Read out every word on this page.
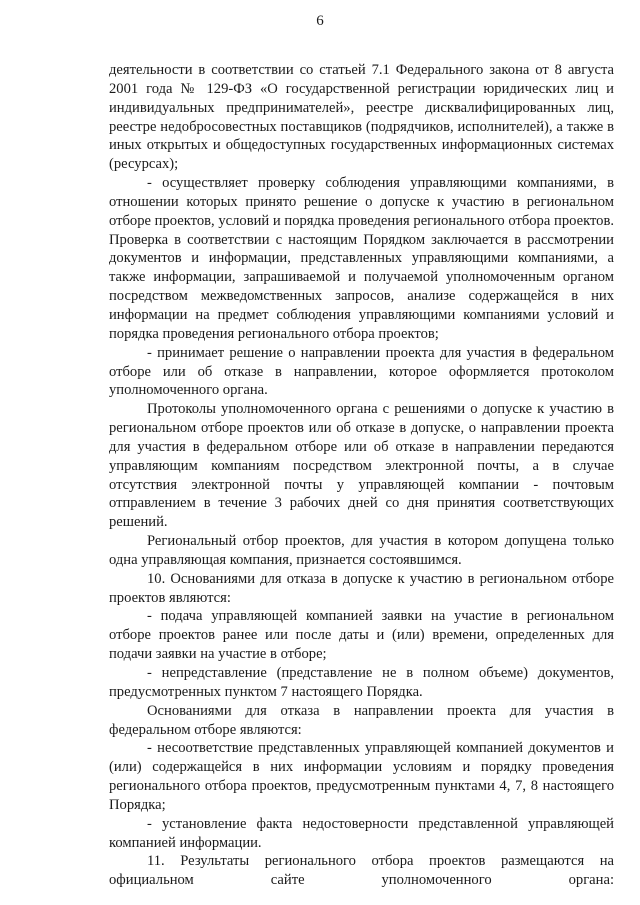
6

деятельности в соответствии со статьей 7.1 Федерального закона от 8 августа 2001 года № 129-ФЗ «О государственной регистрации юридических лиц и индивидуальных предпринимателей», реестре дисквалифицированных лиц, реестре недобросовестных поставщиков (подрядчиков, исполнителей), а также в иных открытых и общедоступных государственных информационных системах (ресурсах);

- осуществляет проверку соблюдения управляющими компаниями, в отношении которых принято решение о допуске к участию в региональном отборе проектов, условий и порядка проведения регионального отбора проектов. Проверка в соответствии с настоящим Порядком заключается в рассмотрении документов и информации, представленных управляющими компаниями, а также информации, запрашиваемой и получаемой уполномоченным органом посредством межведомственных запросов, анализе содержащейся в них информации на предмет соблюдения управляющими компаниями условий и порядка проведения регионального отбора проектов;

- принимает решение о направлении проекта для участия в федеральном отборе или об отказе в направлении, которое оформляется протоколом уполномоченного органа.

Протоколы уполномоченного органа с решениями о допуске к участию в региональном отборе проектов или об отказе в допуске, о направлении проекта для участия в федеральном отборе или об отказе в направлении передаются управляющим компаниям посредством электронной почты, а в случае отсутствия электронной почты у управляющей компании - почтовым отправлением в течение 3 рабочих дней со дня принятия соответствующих решений.

Региональный отбор проектов, для участия в котором допущена только одна управляющая компания, признается состоявшимся.

10. Основаниями для отказа в допуске к участию в региональном отборе проектов являются:

- подача управляющей компанией заявки на участие в региональном отборе проектов ранее или после даты и (или) времени, определенных для подачи заявки на участие в отборе;

- непредставление (представление не в полном объеме) документов, предусмотренных пунктом 7 настоящего Порядка.

Основаниями для отказа в направлении проекта для участия в федеральном отборе являются:

- несоответствие представленных управляющей компанией документов и (или) содержащейся в них информации условиям и порядку проведения регионального отбора проектов, предусмотренным пунктами 4, 7, 8 настоящего Порядка;

- установление факта недостоверности представленной управляющей компанией информации.

11. Результаты регионального отбора проектов размещаются на официальном сайте уполномоченного органа:
